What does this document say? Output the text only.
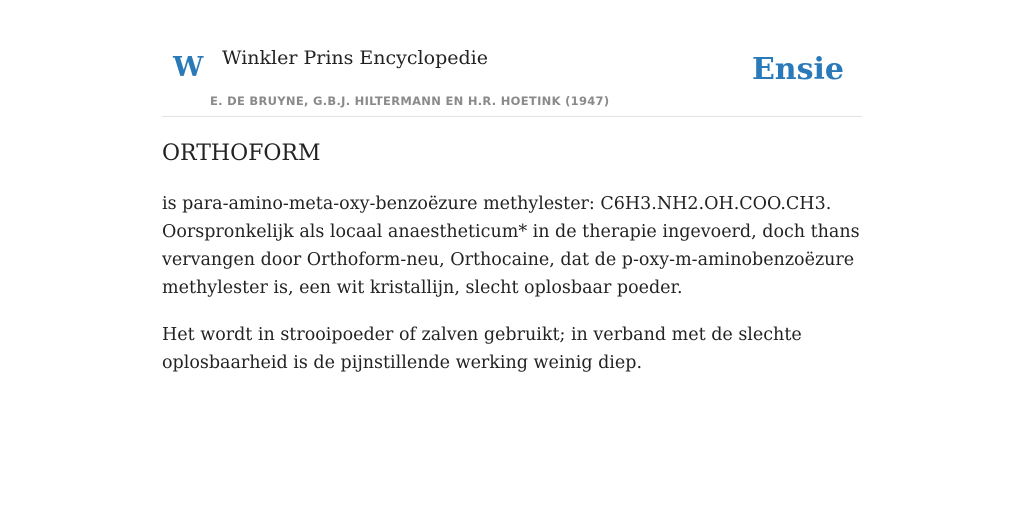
W Winkler Prins Encyclopedie
E. DE BRUYNE, G.B.J. HILTERMANN EN H.R. HOETINK (1947)
Ensie
ORTHOFORM

is para-amino-meta-oxy-benzoëzure methylester: C6H3.NH2.OH.COO.CH3. Oorspronkelijk als locaal anaestheticum* in de therapie ingevoerd, doch thans vervangen door Orthoform-neu, Orthocaine, dat de p-oxy-m-aminobenzoëzure methylester is, een wit kristallijn, slecht oplosbaar poeder.

Het wordt in strooipoeder of zalven gebruikt; in verband met de slechte oplosbaarheid is de pijnstillende werking weinig diep.
